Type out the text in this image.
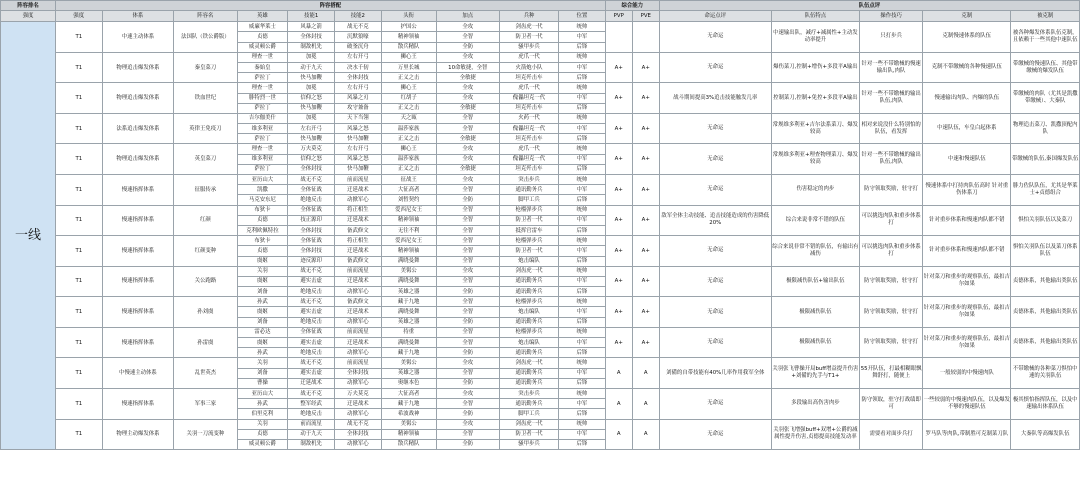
阵容排名	阵容搭配										综合能力		队伍点评				
强度	强度	体系	阵容名	英雄	技能1	技能2	头衔	加点	兵种	位置	PVP	PVE	命运点评	队伍特点	操作技巧	克制	被克制
一线	T1	中速主动体系	法国队（铁公爵版）	威廉华莱士	风暴之箭	战无不克	护国公	全攻	剑齿虎一代	统帅			无命运	中速输出队，减疗+减属性+主动发动率提升	只打步兵	克制慢速体系的队伍	被各种爆发体系队伍克制，且依赖于一些其他中速队伍
				贞德	全体封技	沉默狼嚎	精神领袖	全智	防卫者一代	中军							
				威灵顿公爵	制敌机先	破釜沉舟	散兵精队	全防	骚甲步兵	后锋							
	T1	物理追击爆发体系	秦皇菜刀	理查一世	加冕	左右开弓	狮心王	全攻	虎爪一代	统帅	A+	A+	无命运	爆伤菜刀,控制+增伤+多段平A输出	针对一些不带缴械的慢速输出队,肉队	克制不带缴械的各种慢速队伍	带缴械的慢速队伍、其他带缴械的爆发队伍
				秦始皇	动于九天	决水千仞	万里长城	10命敏捷，全智	火箭炮小队	中军							
				萨拉丁	快马加鞭	全体封技	正义之击	全敏捷	坦克歼击车	后锋							
	T1	物理追击爆发体系	铁血世纪	理查一世	加冕	左右开弓	狮心王	全攻	虎爪一代	统帅	A+	A+	战斗期间提高3%追击技能触发几率	控制菜刀,控制+免控+多段平A输出	针对一些不带缴械的输出队伍,肉队	慢速输出肉队、内爆的队伍	带缴械的肉队（尤其是凯撒带缴械）、大秦队
				腓特烈一世	信仰之怒	风暴之刃	红胡子	全攻	傀儡坦克一代	中军							
				萨拉丁	快马加鞭	攻守兼备	正义之击	全敏捷	坦克歼击车	后锋							
	T1	法系追击爆发体系	英律王免疫刀	吉尔伽美什	加冕	天下当翎	天之瓯	全智	火药一代	统帅	A+	A+	无命运	常规维多利亚+吉尔法系菜刀、爆发较高	相对来说没什么特别怕的队伍，看发挥	中速队伍，车皇白起体系	物理追击菜刀、凯撒顶配内队
				维多利亚	左右开弓	风暴之怒	温莎家族	全智	傀儡坦克一代	中军							
				萨拉丁	快马加鞭	快马加鞭	正义之击	全敏捷	坦克歼击车	后锋							
	T1	物理追击爆发体系	英皇菜刀	理查一世	万夫莫克	左右开弓	狮心王	全攻	虎爪一代	统帅	A+	A+	无命运	常规维多利亚+理查物理菜刀、爆发较高	针对一些不带缴械的输出队伍,肉队	中速和慢速队伍	带缴械的队伍,秦国爆发队伍
				维多利亚	信仰之怒	风暴之怒	温莎家族	全攻	傀儡坦克一代	中军							
				萨拉丁	全体封技	快马加鞭	正义之击	全敏捷	坦克歼击车	后锋							
	T1	慢速指挥体系	征服传承	亚历山大	战无不克	前而流星	征战王	全攻	突击步兵	统帅	A+	A+	无命运	伤害稳定的肉步	防守领取奖励，驻守打	慢速体系中打持肉队伍高时 针对重伤体系刀	腓力佐队队伍，尤其是华莱士+贞德组合
				凯撒	全体征战	迁延战术	大征高者	全智	通讯勤务兵	中军							
				马克安东尼	绝地反击	动掀军心	刘暂契约	全防	脚甲工兵	后锋							
	T1	慢速指挥体系	红颜	布狄卡	全体征战	将正相生	爱西尼女王	全智	枪榴弹步兵	统帅	A+	A+	敌军全体主动技能、追击技能造成的伤害降低20%	综合来说非常不错的队伍	可以挑选肉队和重步体系打	针对重步体系和慢速肉队都不错	惧怕关羽队伍以及菜刀
				贞德	技正源印	迁延战术	精神领袖	全智	防卫者一代	中军							
				克利欧佩特拉	全体封技	备武修文	无往不利	全智	抵挥官雷车	后锋							
	T1	慢速指挥体系	红颜变种	布狄卡	全体征战	将正相生	爱西尼女王	全智	枪榴弹步兵	统帅	A+	A+	无命运	综合来说非常不错的队伍，有输出有减伤	可以挑选肉队和重步体系打	针对重步体系和慢速肉队都不错	惧怕关羽队伍以及菜刀体系队伍
				贞德	全体封技	迁延战术	精神领袖	全智	防卫者一代	中军							
				虞姬	迹反源印	备武修文	满晓曼舞	全智	炮击编队	后锋							
	T1	慢速指挥体系	关公跑路	关羽	战无不克	前而流星	美髯公	全攻	剑齿虎一代	统帅	A+	A+	无命运	极限减伤队伍+输出队伍	防守领取奖励，驻守打	针对菜刀和重步的观察队伍，最扣吉尔如果	贞德体系，其他输出类队伍
				虞姬	避实击虚	迁延战术	满晓曼舞	全智	通讯勤务兵	中军							
				刘备	绝地反击	动掀军心	英雄之器	全防	通讯勤务兵	后锋							
	T1	慢速指挥体系	孙刘虞	孙武	战无不克	备武修文	藏于九地	全智	枪榴弹步兵	统帅	A+	A+	无命运	极限减伤队伍	防守领取奖励，驻守打	针对菜刀和重步的观察队伍，最扣吉尔如果	贞德体系，其他输出类队伍
				虞姬	避实击虚	迁延战术	满晓曼舞	全智	炮击编队	中军							
				刘备	绝地反击	动掀军心	英雄之器	全防	通讯勤务兵	后锋							
	T1	慢速指挥体系	孙雷虞	雷必达	全体征战	前而流星	持重	全智	枪榴弹步兵	统帅	A+	A+	无命运	极限减伤队伍	防守领取奖励，驻守打	针对菜刀和重步的观察队伍，最扣吉尔如果	贞德体系，其他输出类队伍
				虞姬	避实击虚	迁延战术	满晓曼舞	全智	炮击编队	中军							
				孙武	绝地反击	动掀军心	藏于九地	全防	通讯勤务兵	后锋							
	T1	中慢速主动体系	乱世英杰	关羽	战无不克	前而流星	美髯公	全攻	剑齿虎一代	统帅	A	A	刘備的自带技能有40%几率作用我军全体	关羽张飞曹操开局buff增益提升伤害+刘備的先手与T1+	55开队伍，打最相糊眼飘舞舒打，随便上	一般较弱的中慢速肉队	不带缴械的各种菜刀惧怕中速的关羽队伍
				刘备	避实击虚	全体封技	英雄之器	全智	通讯勤务兵	中军							
				曹操	迁延战术	动掀军心	奥继本色	全防	通讯勤务兵	后锋							
	T1	慢速指挥体系	军事三家	亚历山大	战无不克	万夫莫克	大征高者	全攻	突击步兵	统帅	A	A	无命运	多段输出高伤害肉步	防守领取，驻守打战绩即可	一些较弱的中慢速肉队伍，以及爆发不够的慢速队伍	极其慎怕指挥队伍，以及中速输出体系队伍
				孙武	整军经武	迁延战术	藏于九地	全智	通讯勤务兵	中军							
				伯里克利	绝地反击	动掀军心	希波战神	全防	脚甲工兵	后锋							
	T1	物理主动爆发体系	关羽一刀流变种	关羽	前而流星	战无不克	美髯公	全攻	剑齿虎一代	统帅	A	A	无命运	关羽张飞增强buff+双增+公爵的减属性提升伤害,贞德提高技能发动率	需要看对面步兵打	罗马队等肉队,带制胜可克制菜刀队	大秦队等高爆发队伍
				贞德	动于九天	全体封技	精神领袖	全智	防卫者一代	中军							
				威灵顿公爵	制敌机先	动掀军心	散兵精队	全防	骚甲步兵	后锋							
